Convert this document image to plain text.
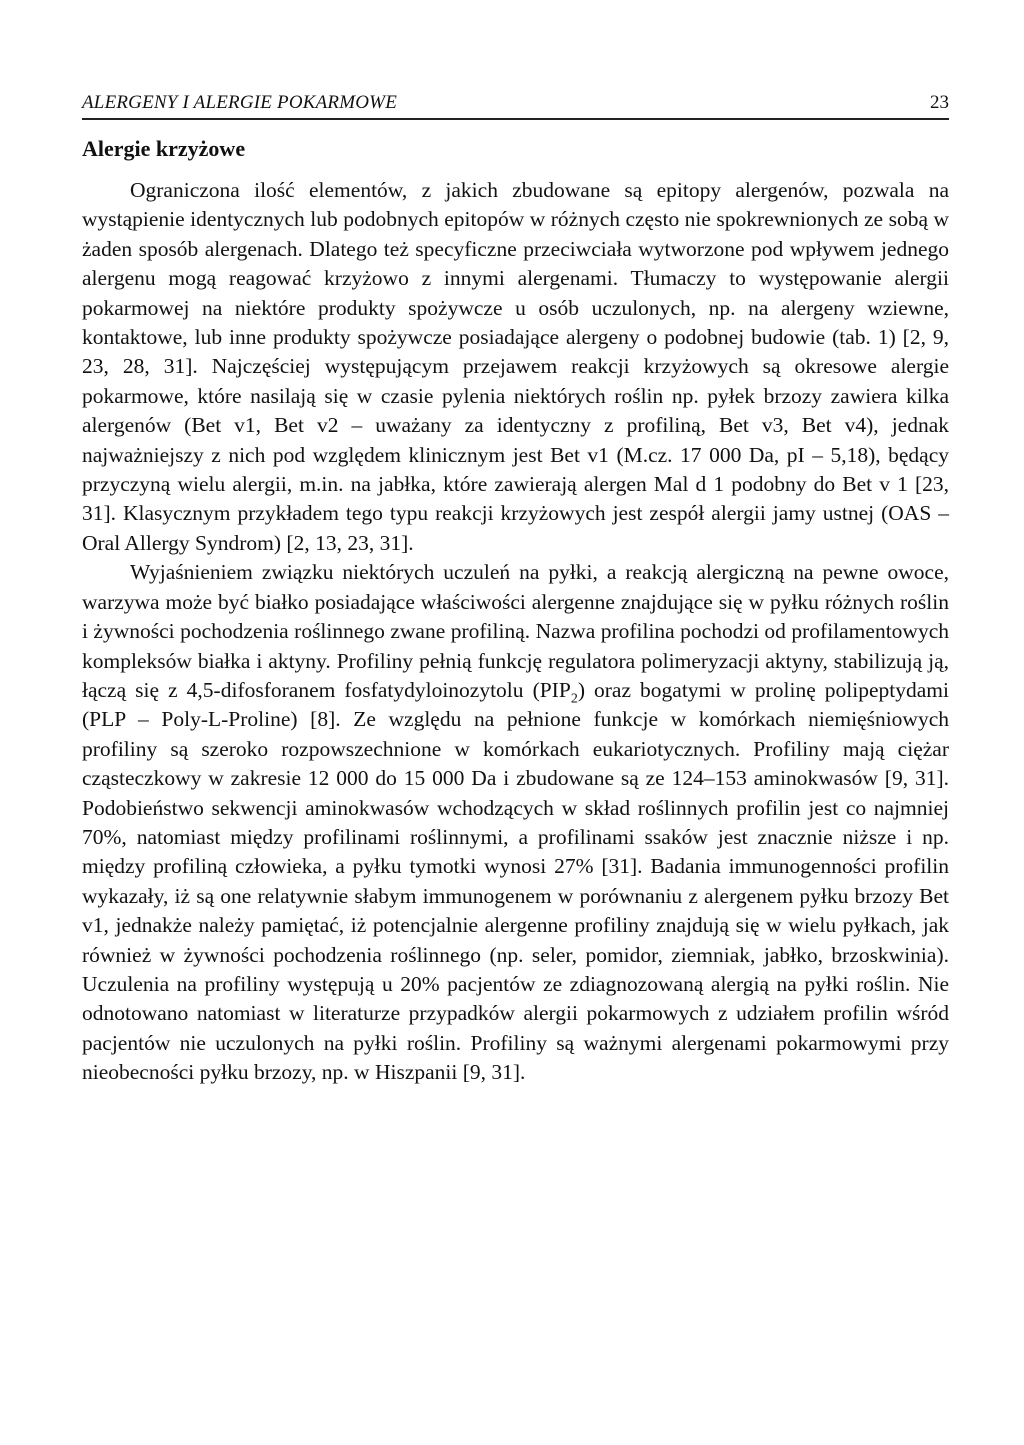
ALERGENY I ALERGIE POKARMOWE	23
Alergie krzyżowe

Ograniczona ilość elementów, z jakich zbudowane są epitopy alergenów, pozwala na wystąpienie identycznych lub podobnych epitopów w różnych często nie spokrewnionych ze sobą w żaden sposób alergenach. Dlatego też specyficzne przeciwciała wytworzone pod wpływem jednego alergenu mogą reagować krzyżowo z innymi alergenami. Tłumaczy to występowanie alergii pokarmowej na niektóre produkty spożywcze u osób uczulonych, np. na alergeny wziewne, kontaktowe, lub inne produkty spożywcze posiadające alergeny o podobnej budowie (tab. 1) [2, 9, 23, 28, 31]. Najczęściej występującym przejawem reakcji krzyżowych są okresowe alergie pokarmowe, które nasilają się w czasie pylenia niektórych roślin np. pyłek brzozy zawiera kilka alergenów (Bet v1, Bet v2 – uważany za identyczny z profiliną, Bet v3, Bet v4), jednak najważniejszy z nich pod względem klinicznym jest Bet v1 (M.cz. 17 000 Da, pI – 5,18), będący przyczyną wielu alergii, m.in. na jabłka, które zawierają alergen Mal d 1 podobny do Bet v 1 [23, 31]. Klasycznym przykładem tego typu reakcji krzyżowych jest zespół alergii jamy ustnej (OAS – Oral Allergy Syndrom) [2, 13, 23, 31].

Wyjaśnieniem związku niektórych uczuleń na pyłki, a reakcją alergiczną na pewne owoce, warzywa może być białko posiadające właściwości alergenne znajdujące się w pyłku różnych roślin i żywności pochodzenia roślinnego zwane profiliną. Nazwa profilina pochodzi od profilamentowych kompleksów białka i aktyny. Profiliny pełnią funkcję regulatora polimeryzacji aktyny, stabilizują ją, łączą się z 4,5-difosforanem fosfatydyloinozytolu $(PIP_2)$ oraz bogatymi w prolinę polipeptydami (PLP – Poly-L-Proline) [8]. Ze względu na pełnione funkcje w komórkach niemięśniowych profiliny są szeroko rozpowszechnione w komórkach eukariotycznych. Profiliny mają ciężar cząsteczkowy w zakresie 12 000 do 15 000 Da i zbudowane są ze 124–153 aminokwasów [9, 31]. Podobieństwo sekwencji aminokwasów wchodzących w skład roślinnych profilin jest co najmniej 70%, natomiast między profilinami roślinnymi, a profilinami ssaków jest znacznie niższe i np. między profiliną człowieka, a pyłku tymotki wynosi 27% [31]. Badania immunogenności profilin wykazały, iż są one relatywnie słabym immunogenem w porównaniu z alergenem pyłku brzozy Bet v1, jednakże należy pamiętać, iż potencjalnie alergenne profiliny znajdują się w wielu pyłkach, jak również w żywności pochodzenia roślinnego (np. seler, pomidor, ziemniak, jabłko, brzoskwinia). Uczulenia na profiliny występują u 20% pacjentów ze zdiagnozowaną alergią na pyłki roślin. Nie odnotowano natomiast w literaturze przypadków alergii pokarmowych z udziałem profilin wśród pacjentów nie uczulonych na pyłki roślin. Profiliny są ważnymi alergenami pokarmowymi przy nieobecności pyłku brzozy, np. w Hiszpanii [9, 31].
